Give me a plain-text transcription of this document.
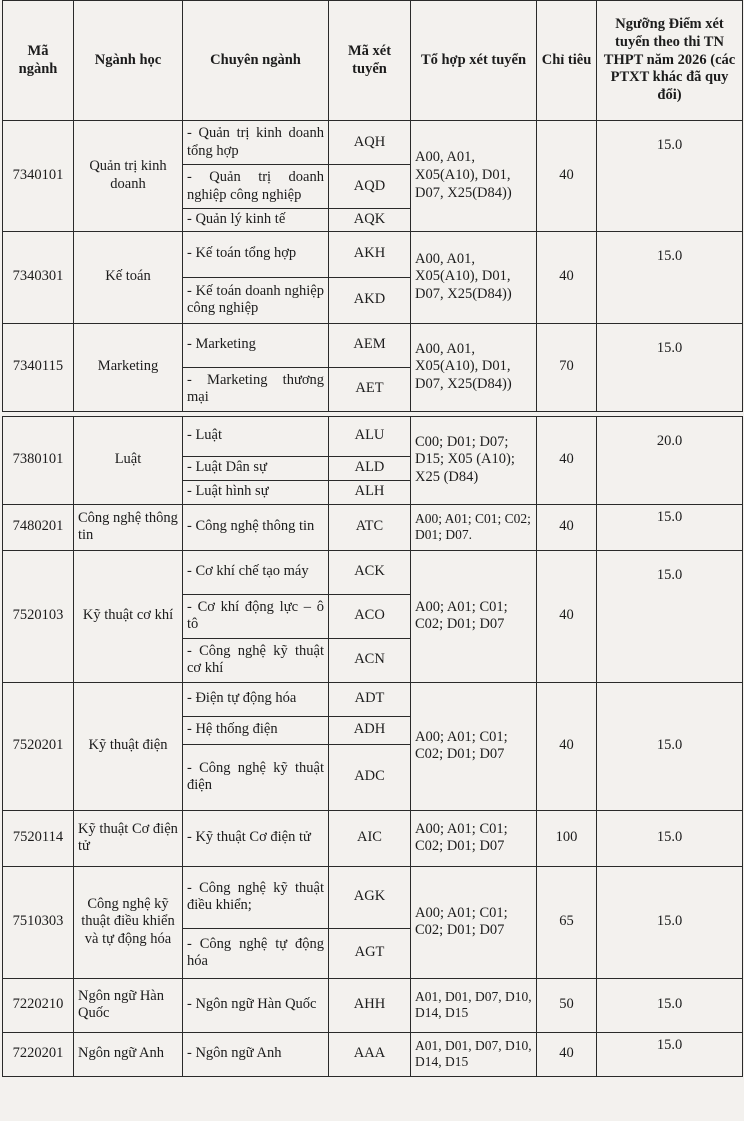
Mã ngành	Ngành học	Chuyên ngành	Mã xét tuyển	Tổ hợp xét tuyển	Chỉ tiêu	Ngưỡng Điểm xét tuyển theo thi TN THPT năm 2026 (các PTXT khác đã quy đổi)
7340101	Quản trị kinh doanh	- Quản trị kinh doanh tổng hợp	AQH	A00, A01, X05(A10), D01, D07, X25(D84))	40	15.0
		- Quản trị doanh nghiệp công nghiệp	AQD			
		- Quản lý kinh tế	AQK			
7340301	Kế toán	- Kế toán tổng hợp	AKH	A00, A01, X05(A10), D01, D07, X25(D84))	40	15.0
		- Kế toán doanh nghiệp công nghiệp	AKD			
7340115	Marketing	- Marketing	AEM	A00, A01, X05(A10), D01, D07, X25(D84))	70	15.0
		- Marketing thương mại	AET			

7380101	Luật	- Luật	ALU	C00; D01; D07; D15; X05 (A10); X25 (D84)	40	20.0
		- Luật Dân sự	ALD			
		- Luật hình sự	ALH			
7480201	Công nghệ thông tin	- Công nghệ thông tin	ATC	A00; A01; C01; C02; D01; D07.	40	15.0
7520103	Kỹ thuật cơ khí	- Cơ khí chế tạo máy	ACK	A00; A01; C01; C02; D01; D07	40	15.0
		- Cơ khí động lực – ô tô	ACO			
		- Công nghệ kỹ thuật cơ khí	ACN			
7520201	Kỹ thuật điện	- Điện tự động hóa	ADT	A00; A01; C01; C02; D01; D07	40	15.0
		- Hệ thống điện	ADH			
		- Công nghệ kỹ thuật điện	ADC			
7520114	Kỹ thuật Cơ điện tử	- Kỹ thuật Cơ điện tử	AIC	A00; A01; C01; C02; D01; D07	100	15.0
7510303	Công nghệ kỹ thuật điều khiển và tự động hóa	- Công nghệ kỹ thuật điều khiển;	AGK	A00; A01; C01; C02; D01; D07	65	15.0
		- Công nghệ tự động hóa	AGT			
7220210	Ngôn ngữ Hàn Quốc	- Ngôn ngữ Hàn Quốc	AHH	A01, D01, D07, D10, D14, D15	50	15.0
7220201	Ngôn ngữ Anh	- Ngôn ngữ Anh	AAA	A01, D01, D07, D10, D14, D15	40	15.0
